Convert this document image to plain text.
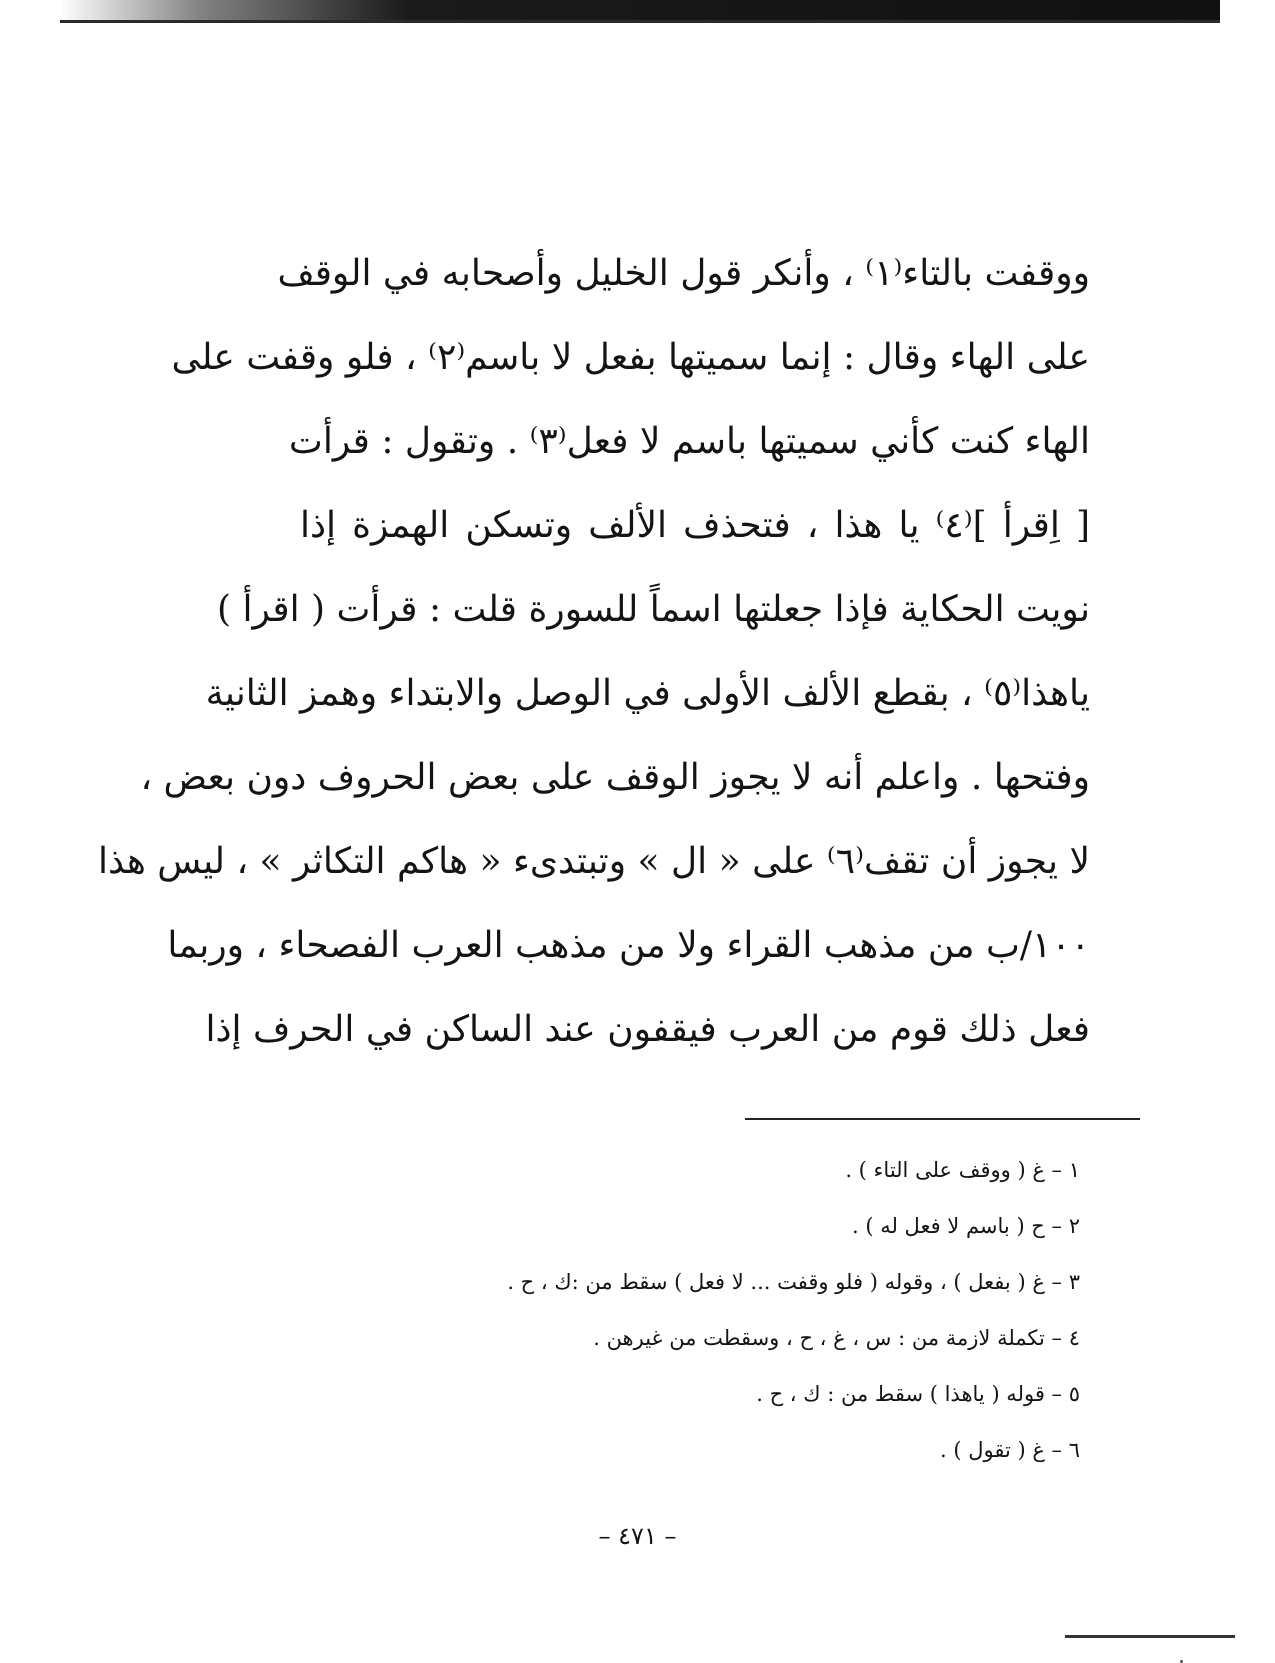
ووقفت بالتاء⁽١⁾ ، وأنكر قول الخليل وأصحابه في الوقف
على الهاء وقال : إنما سميتها بفعل لا باسم⁽٢⁾ ، فلو وقفت على
الهاء كنت كأني سميتها باسم لا فعل⁽٣⁾ . وتقول : قرأت
[ اِقرأ ]⁽٤⁾ يا هذا ، فتحذف الألف وتسكن الهمزة إذا
نويت الحكاية فإذا جعلتها اسماً للسورة قلت : قرأت ( اقرأ )
ياهذا⁽٥⁾ ، بقطع الألف الأولى في الوصل والابتداء وهمز الثانية
وفتحها . واعلم أنه لا يجوز الوقف على بعض الحروف دون بعض ،
لا يجوز أن تقف⁽٦⁾ على « ال » وتبتدىء « هاكم التكاثر » ، ليس هذا
١٠٠/ب من مذهب القراء ولا من مذهب العرب الفصحاء ، وربما
فعل ذلك قوم من العرب فيقفون عند الساكن في الحرف إذا
١ – غ ( ووقف على التاء ) .
٢ – ح ( باسم لا فعل له ) .
٣ – غ ( بفعل ) ، وقوله ( فلو وقفت ... لا فعل ) سقط من :ك ، ح .
٤ – تكملة لازمة من : س ، غ ، ح ، وسقطت من غيرهن .
٥ – قوله ( ياهذا ) سقط من : ك ، ح .
٦ – غ ( تقول ) .
– ٤٧١ –
